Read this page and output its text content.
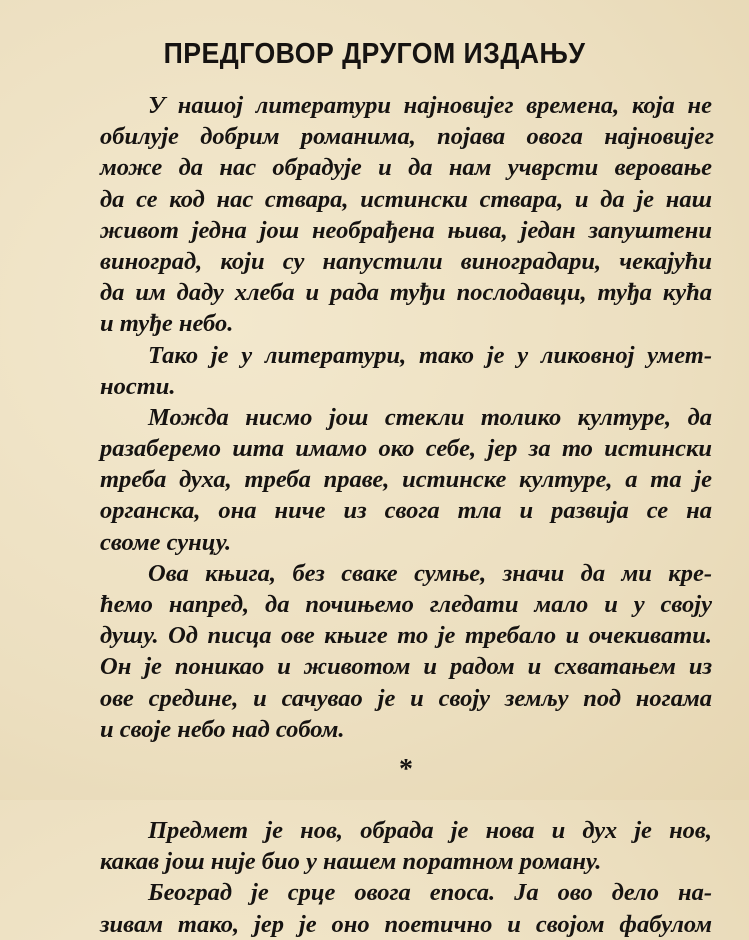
ПРЕДГОВОР ДРУГОМ ИЗДАЊУ
У нашој литератури најновијег времена, која не
обилује добрим романима, појава овога најновијег
може да нас обрадује и да нам учврсти веровање
да се код нас ствара, истински ствара, и да је наш
живот једна још необрађена њива, један запуштени
виноград, који су напустили виноградари, чекајући
да им даду хлеба и рада туђи послодавци, туђа кућа
и туђе небо.
Тако је у литератури, тако је у ликовној умет-
ности.
Можда нисмо још стекли толико културе, да
разаберемо шта имамо око себе, јер за то истински
треба духа, треба праве, истинске културе, а та је
органска, она ниче из свога тла и развија се на
своме сунцу.
Ова књига, без сваке сумње, значи да ми кре-
ћемо напред, да почињемо гледати мало и у своју
душу. Од писца ове књиге то је требало и очекивати.
Он је поникао и животом и радом и схватањем из
ове средине, и сачувао је и своју земљу под ногама
и своје небо над собом.
*
Предмет је нов, обрада је нова и дух је нов,
какав још није био у нашем поратном роману.
Београд је срце овога епоса. Ја ово дело на-
зивам тако, јер је оно поетично и својом фабулом
